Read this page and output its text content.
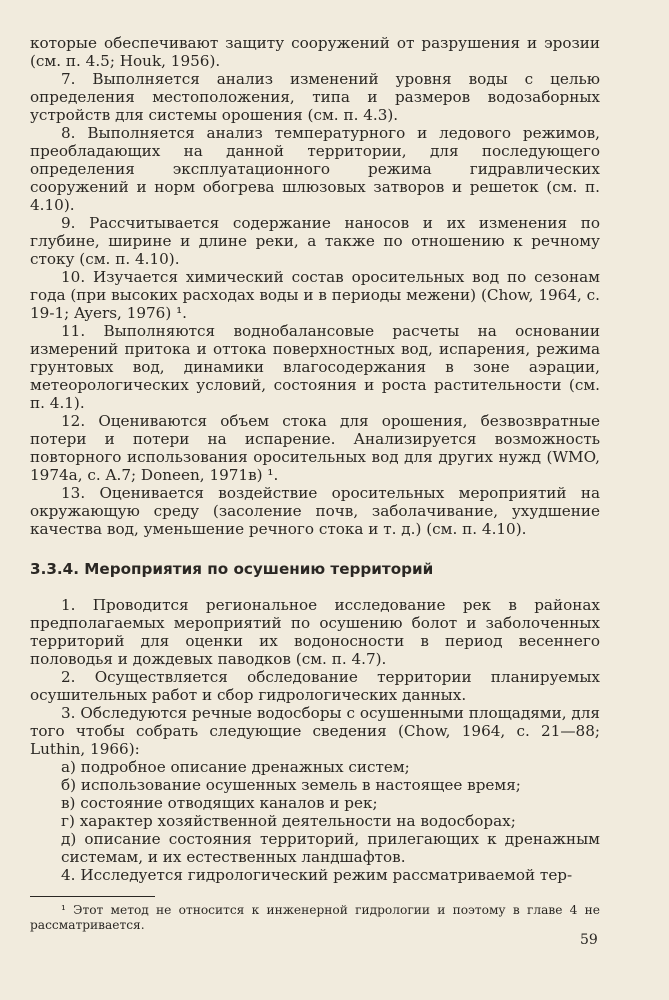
которые обеспечивают защиту сооружений от разрушения и эрозии (см. п. 4.5; Houk, 1956).

7. Выполняется анализ изменений уровня воды с целью определения местоположения, типа и размеров водозаборных устройств для системы орошения (см. п. 4.3).

8. Выполняется анализ температурного и ледового режимов, преобладающих на данной территории, для последующего определения эксплуатационного режима гидравлических сооружений и норм обогрева шлюзовых затворов и решеток (см. п. 4.10).

9. Рассчитывается содержание наносов и их изменения по глубине, ширине и длине реки, а также по отношению к речному стоку (см. п. 4.10).

10. Изучается химический состав оросительных вод по сезонам года (при высоких расходах воды и в периоды межени) (Chow, 1964, с. 19-1; Ayers, 1976) ¹.

11. Выполняются воднобалансовые расчеты на основании измерений притока и оттока поверхностных вод, испарения, режима грунтовых вод, динамики влагосодержания в зоне аэрации, метеорологических условий, состояния и роста растительности (см. п. 4.1).

12. Оцениваются объем стока для орошения, безвозвратные потери и потери на испарение. Анализируется возможность повторного использования оросительных вод для других нужд (WMO, 1974a, с. A.7; Doneen, 1971в) ¹.

13. Оценивается воздействие оросительных мероприятий на окружающую среду (засоление почв, заболачивание, ухудшение качества вод, уменьшение речного стока и т. д.) (см. п. 4.10).

3.3.4. Мероприятия по осушению территорий

1. Проводится региональное исследование рек в районах предполагаемых мероприятий по осушению болот и заболоченных территорий для оценки их водоносности в период весеннего половодья и дождевых паводков (см. п. 4.7).

2. Осуществляется обследование территории планируемых осушительных работ и сбор гидрологических данных.

3. Обследуются речные водосборы с осушенными площадями, для того чтобы собрать следующие сведения (Chow, 1964, с. 21—88; Luthin, 1966):

а) подробное описание дренажных систем;

б) использование осушенных земель в настоящее время;

в) состояние отводящих каналов и рек;

г) характер хозяйственной деятельности на водосборах;

д) описание состояния территорий, прилегающих к дренажным системам, и их естественных ландшафтов.

4. Исследуется гидрологический режим рассматриваемой тер-

¹ Этот метод не относится к инженерной гидрологии и поэтому в главе 4 не рассматривается.

59
